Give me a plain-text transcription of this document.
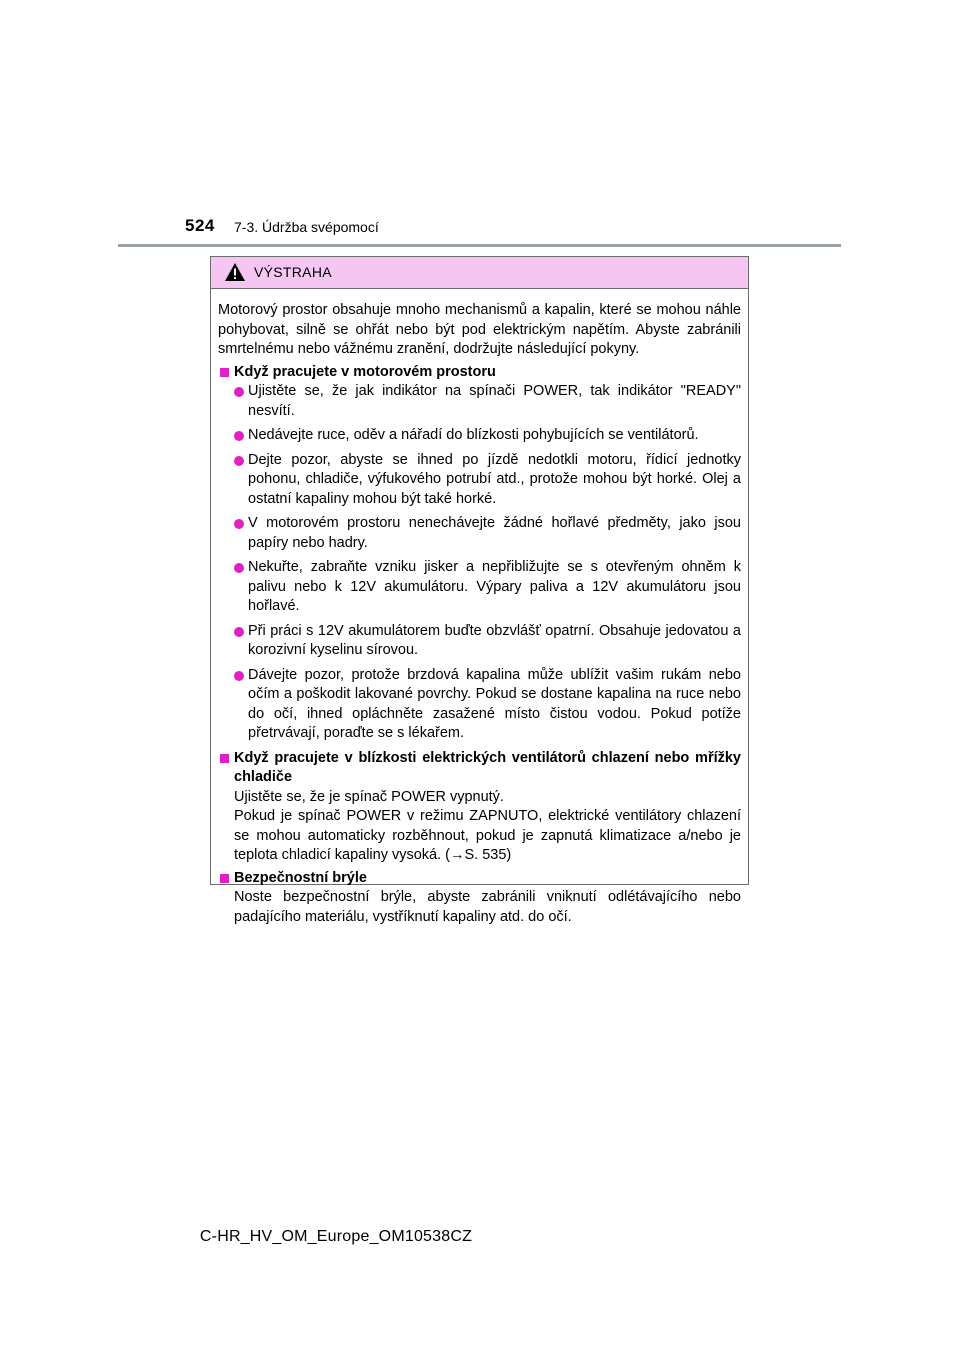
524 7-3. Údržba svépomocí
VÝSTRAHA

Motorový prostor obsahuje mnoho mechanismů a kapalin, které se mohou náhle pohybovat, silně se ohřát nebo být pod elektrickým napětím. Abyste zabránili smrtelnému nebo vážnému zranění, dodržujte následující pokyny.

Když pracujete v motorovém prostoru

Ujistěte se, že jak indikátor na spínači POWER, tak indikátor "READY" nesvítí.

Nedávejte ruce, oděv a nářadí do blízkosti pohybujících se ventilátorů.

Dejte pozor, abyste se ihned po jízdě nedotkli motoru, řídicí jednotky pohonu, chladiče, výfukového potrubí atd., protože mohou být horké. Olej a ostatní kapaliny mohou být také horké.

V motorovém prostoru nenechávejte žádné hořlavé předměty, jako jsou papíry nebo hadry.

Nekuřte, zabraňte vzniku jisker a nepřibližujte se s otevřeným ohněm k palivu nebo k 12V akumulátoru. Výpary paliva a 12V akumulátoru jsou hořlavé.

Při práci s 12V akumulátorem buďte obzvlášť opatrní. Obsahuje jedovatou a korozivní kyselinu sírovou.

Dávejte pozor, protože brzdová kapalina může ublížit vašim rukám nebo očím a poškodit lakované povrchy. Pokud se dostane kapalina na ruce nebo do očí, ihned opláchněte zasažené místo čistou vodou. Pokud potíže přetrvávají, poraďte se s lékařem.

Když pracujete v blízkosti elektrických ventilátorů chlazení nebo mřížky chladiče

Ujistěte se, že je spínač POWER vypnutý.
Pokud je spínač POWER v režimu ZAPNUTO, elektrické ventilátory chlazení se mohou automaticky rozběhnout, pokud je zapnutá klimatizace a/nebo je teplota chladicí kapaliny vysoká. (→S. 535)

Bezpečnostní brýle

Noste bezpečnostní brýle, abyste zabránili vniknutí odlétávajícího nebo padajícího materiálu, vystříknutí kapaliny atd. do očí.

C-HR_HV_OM_Europe_OM10538CZ
